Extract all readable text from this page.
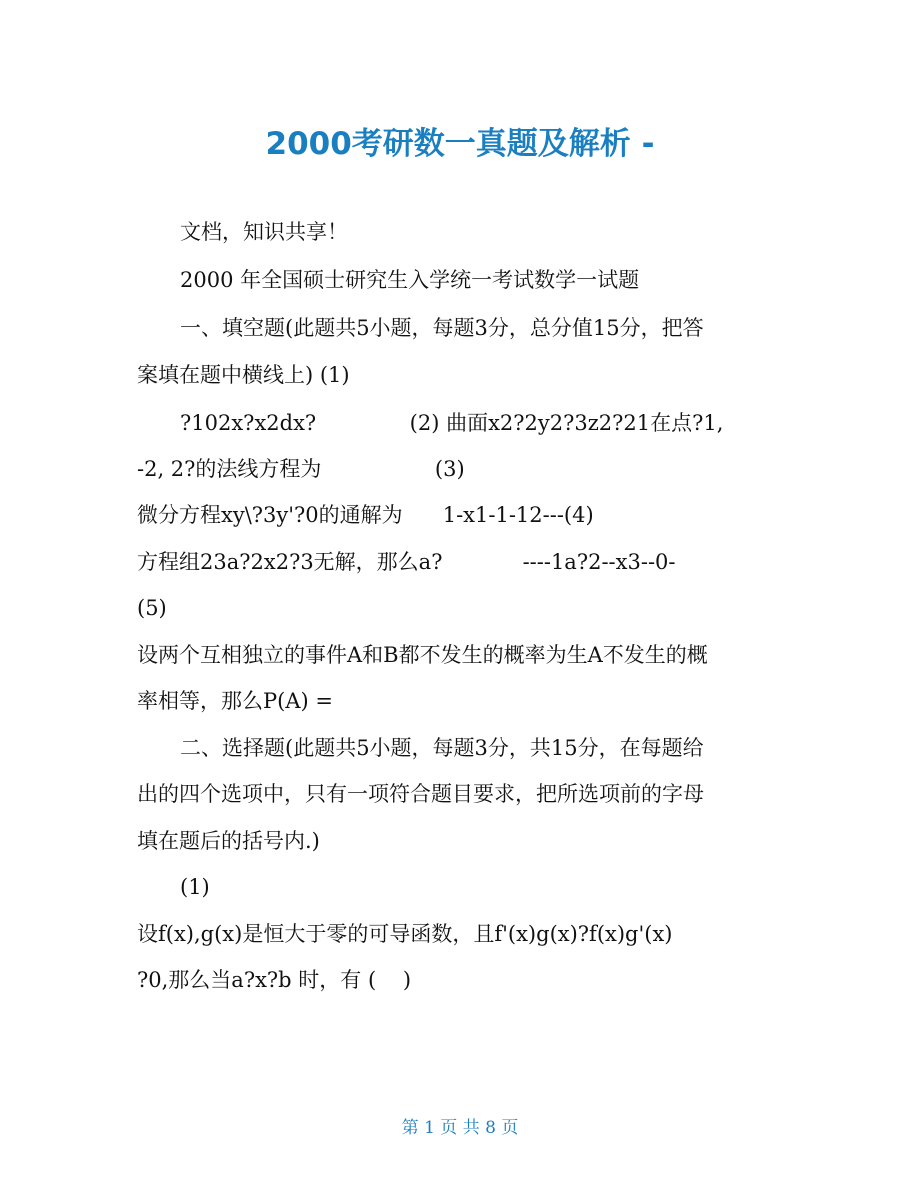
2000考研数一真题及解析 -
文档，知识共享！
2000 年全国硕士研究生入学统一考试数学一试题
一、填空题(此题共5小题，每题3分，总分值15分，把答
案填在题中横线上) (1)
?102x?x2dx?              (2) 曲面x2?2y2?3z2?21在点?1,
-2, 2?的法线方程为                 (3)
微分方程xy\?3y'?0的通解为      1-x1-1-12---(4)
方程组23a?2x2?3无解，那么a?            ----1a?2--x3--0-
(5)
设两个互相独立的事件A和B都不发生的概率为生A不发生的概
率相等，那么P(A) =
二、选择题(此题共5小题，每题3分，共15分，在每题给
出的四个选项中，只有一项符合题目要求，把所选项前的字母
填在题后的括号内.)
(1)
设f(x),g(x)是恒大于零的可导函数，且f'(x)g(x)?f(x)g'(x)
?0,那么当a?x?b 时，有 (    )
第 1 页 共 8 页
